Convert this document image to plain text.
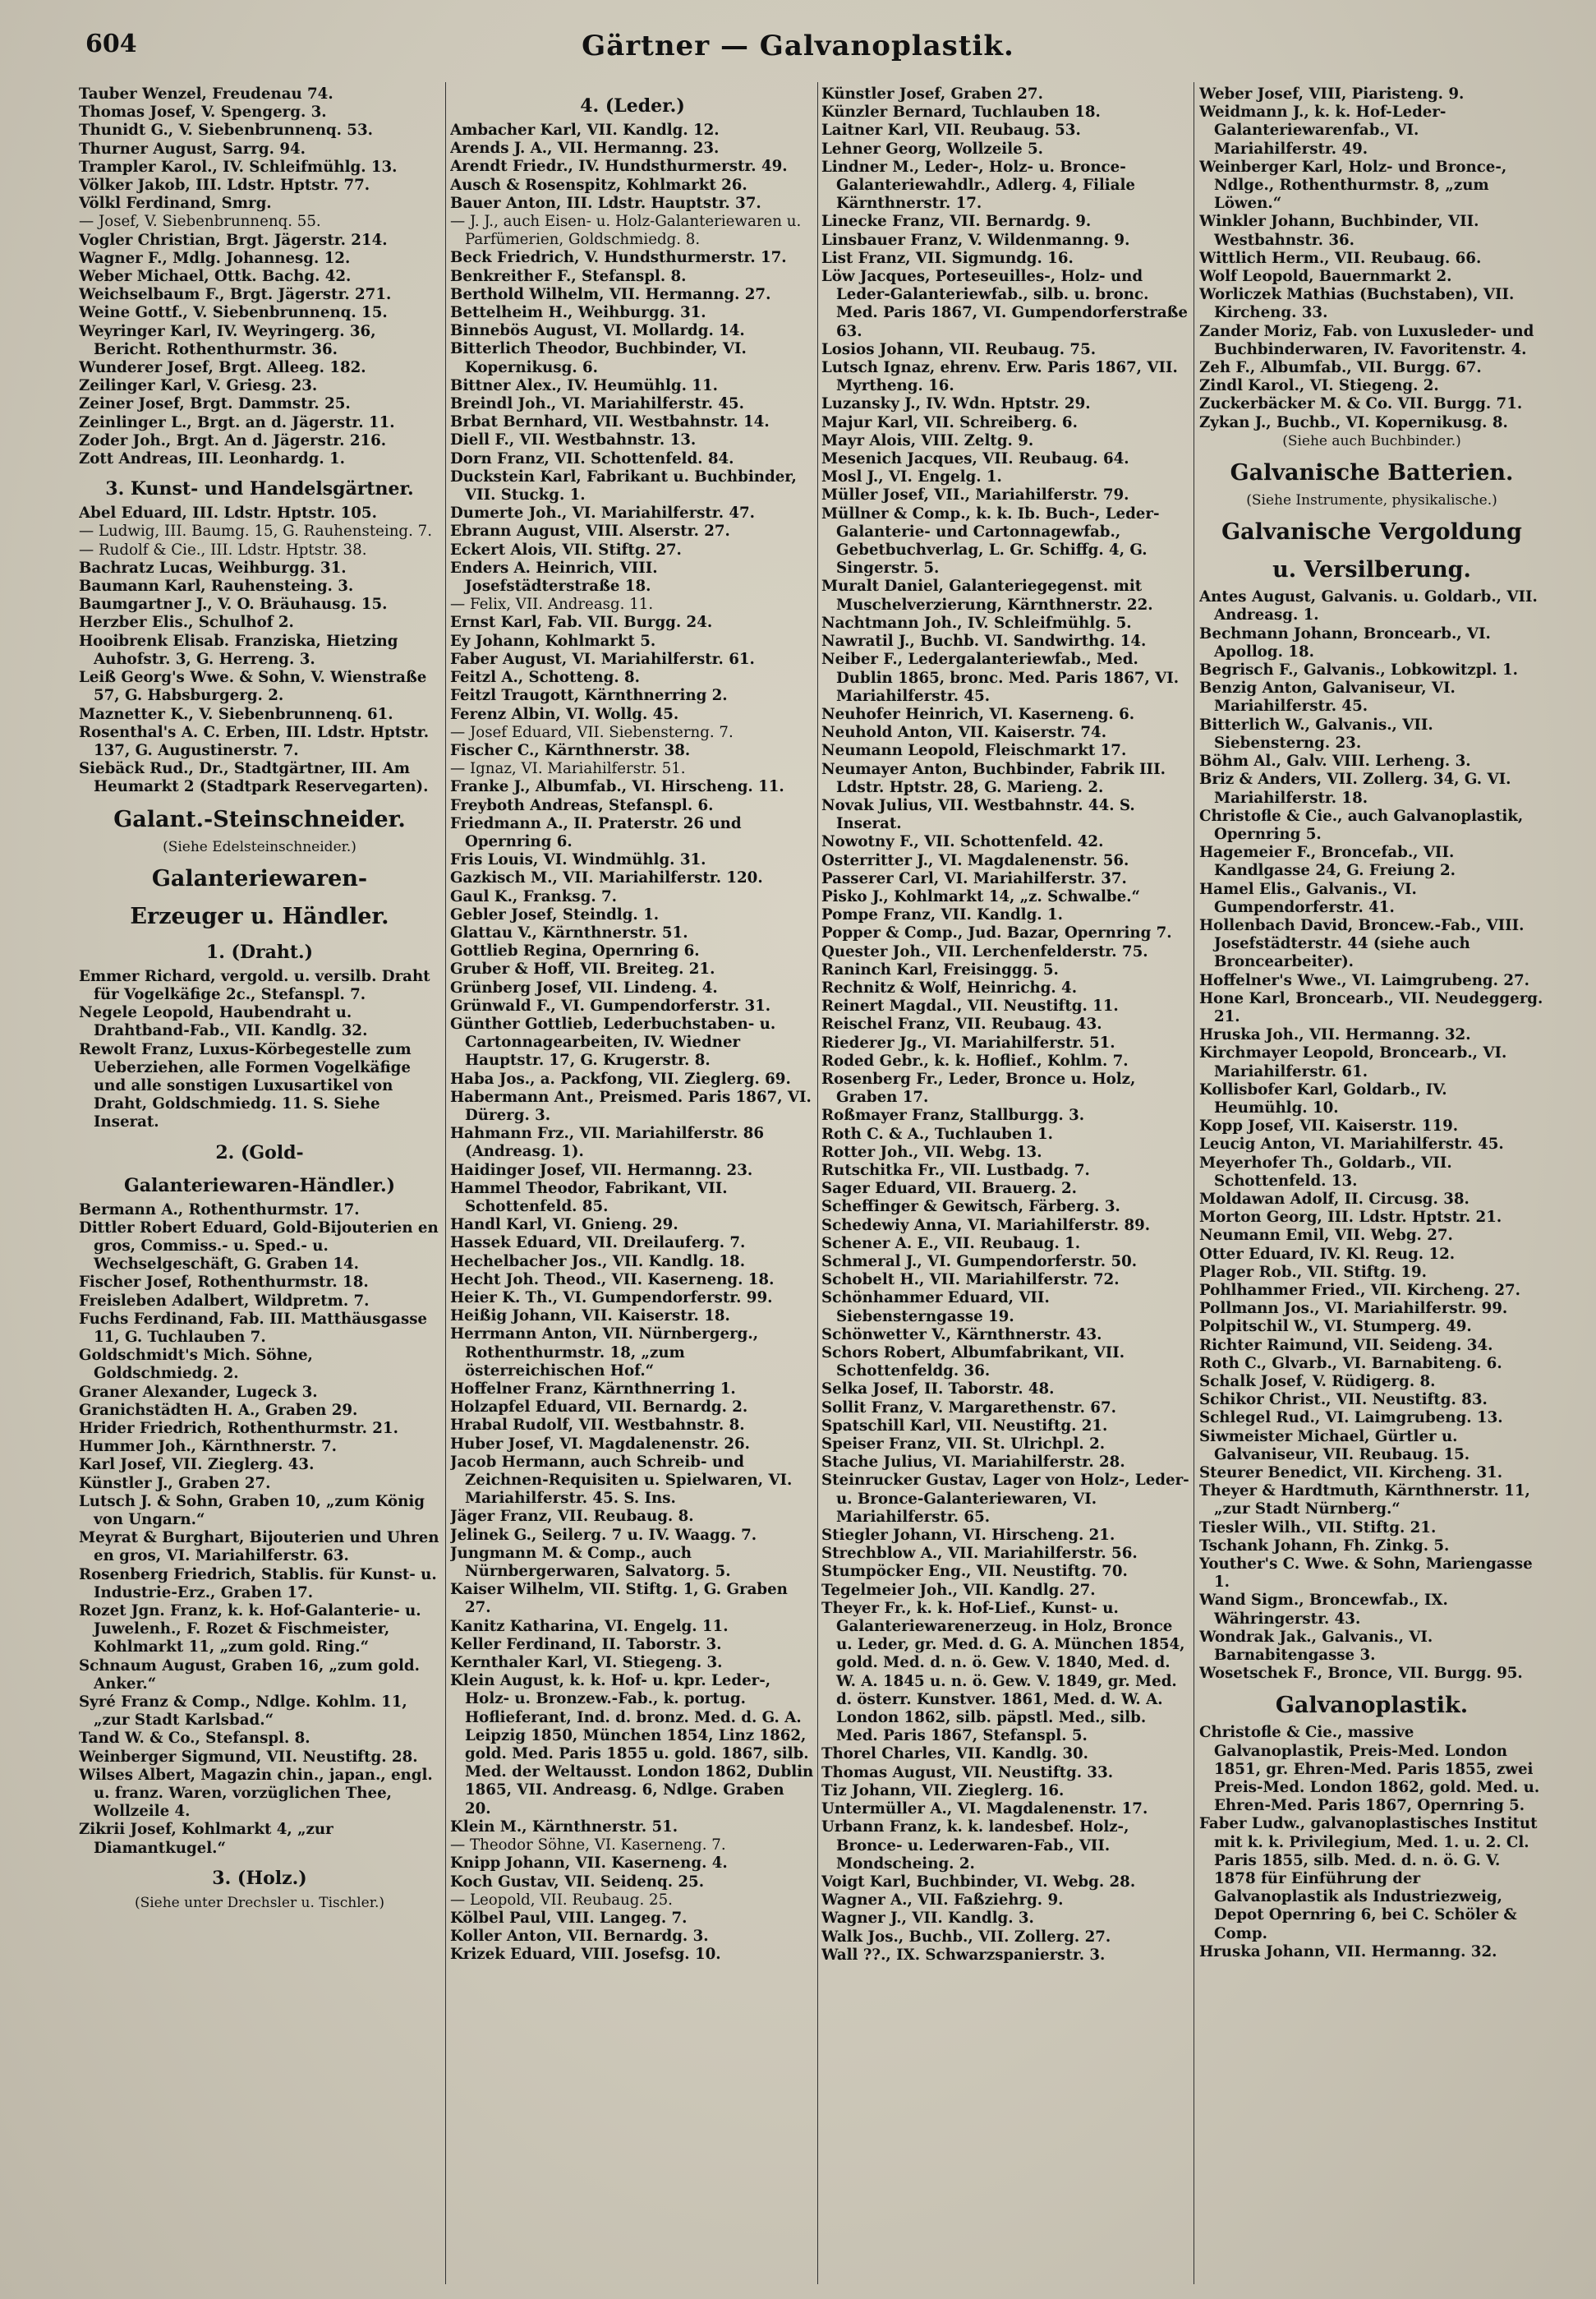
604	Gärtner — Galvanoplastik.

Tauber Wenzel, Freudenau 74.

Thomas Josef, V. Spengerg. 3.

Thunidt G., V. Siebenbrunnenq. 53.

Thurner August, Sarrg. 94.

Trampler Karol., IV. Schleifmühlg. 13.

Völker Jakob, III. Ldstr. Hptstr. 77.

Völkl Ferdinand, Smrg.

— Josef, V. Siebenbrunnenq. 55.

Vogler Christian, Brgt. Jägerstr. 214.

Wagner F., Mdlg. Johannesg. 12.

Weber Michael, Ottk. Bachg. 42.

Weichselbaum F., Brgt. Jägerstr. 271.

Weine Gottf., V. Siebenbrunnenq. 15.

Weyringer Karl, IV. Weyringerg. 36, Bericht. Rothenthurmstr. 36.

Wunderer Josef, Brgt. Alleeg. 182.

Zeilinger Karl, V. Griesg. 23.

Zeiner Josef, Brgt. Dammstr. 25.

Zeinlinger L., Brgt. an d. Jägerstr. 11.

Zoder Joh., Brgt. An d. Jägerstr. 216.

Zott Andreas, III. Leonhardg. 1.

3. Kunst- und Handelsgärtner.

Abel Eduard, III. Ldstr. Hptstr. 105.

— Ludwig, III. Baumg. 15, G. Rauhensteing. 7.

— Rudolf & Cie., III. Ldstr. Hptstr. 38.

Bachratz Lucas, Weihburgg. 31.

Baumann Karl, Rauhensteing. 3.

Baumgartner J., V. O. Bräuhausg. 15.

Herzber Elis., Schulhof 2.

Hooibrenk Elisab. Franziska, Hietzing Auhofstr. 3, G. Herreng. 3.

Leiß Georg's Wwe. & Sohn, V. Wienstraße 57, G. Habsburgerg. 2.

Maznetter K., V. Siebenbrunnenq. 61.

Rosenthal's A. C. Erben, III. Ldstr. Hptstr. 137, G. Augustinerstr. 7.

Siebäck Rud., Dr., Stadtgärtner, III. Am Heumarkt 2 (Stadtpark Reservegarten).

Galant.-Steinschneider.
(Siehe Edelsteinschneider.)
Galanteriewaren-
Erzeuger u. Händler.
1. (Draht.)

Emmer Richard, vergold. u. versilb. Draht für Vogelkäfige 2c., Stefanspl. 7.

Negele Leopold, Haubendraht u. Drahtband-Fab., VII. Kandlg. 32.

Rewolt Franz, Luxus-Körbegestelle zum Ueberziehen, alle Formen Vogelkäfige und alle sonstigen Luxusartikel von Draht, Goldschmiedg. 11. S. Siehe Inserat.

2. (Gold-
Galanteriewaren-Händler.)

Bermann A., Rothenthurmstr. 17.

Dittler Robert Eduard, Gold-Bijouterien en gros, Commiss.- u. Sped.- u. Wechselgeschäft, G. Graben 14.

Fischer Josef, Rothenthurmstr. 18.

Freisleben Adalbert, Wildpretm. 7.

Fuchs Ferdinand, Fab. III. Matthäusgasse 11, G. Tuchlauben 7.

Goldschmidt's Mich. Söhne, Goldschmiedg. 2.

Graner Alexander, Lugeck 3.

Granichstädten H. A., Graben 29.

Hrider Friedrich, Rothenthurmstr. 21.

Hummer Joh., Kärnthnerstr. 7.

Karl Josef, VII. Zieglerg. 43.

Künstler J., Graben 27.

Lutsch J. & Sohn, Graben 10, „zum König von Ungarn.“

Meyrat & Burghart, Bijouterien und Uhren en gros, VI. Mariahilferstr. 63.

Rosenberg Friedrich, Stablis. für Kunst- u. Industrie-Erz., Graben 17.

Rozet Jgn. Franz, k. k. Hof-Galanterie- u. Juwelenh., F. Rozet & Fischmeister, Kohlmarkt 11, „zum gold. Ring.“

Schnaum August, Graben 16, „zum gold. Anker.“

Syré Franz & Comp., Ndlge. Kohlm. 11, „zur Stadt Karlsbad.“

Tand W. & Co., Stefanspl. 8.

Weinberger Sigmund, VII. Neustiftg. 28.

Wilses Albert, Magazin chin., japan., engl. u. franz. Waren, vorzüglichen Thee, Wollzeile 4.

Zikrii Josef, Kohlmarkt 4, „zur Diamantkugel.“

3. (Holz.)
(Siehe unter Drechsler u. Tischler.)
4. (Leder.)

Ambacher Karl, VII. Kandlg. 12.

Arends J. A., VII. Hermanng. 23.

Arendt Friedr., IV. Hundsthurmerstr. 49.

Ausch & Rosenspitz, Kohlmarkt 26.

Bauer Anton, III. Ldstr. Hauptstr. 37.

— J. J., auch Eisen- u. Holz-Galanteriewaren u. Parfümerien, Goldschmiedg. 8.

Beck Friedrich, V. Hundsthurmerstr. 17.

Benkreither F., Stefanspl. 8.

Berthold Wilhelm, VII. Hermanng. 27.

Bettelheim H., Weihburgg. 31.

Binnebös August, VI. Mollardg. 14.

Bitterlich Theodor, Buchbinder, VI. Kopernikusg. 6.

Bittner Alex., IV. Heumühlg. 11.

Breindl Joh., VI. Mariahilferstr. 45.

Brbat Bernhard, VII. Westbahnstr. 14.

Diell F., VII. Westbahnstr. 13.

Dorn Franz, VII. Schottenfeld. 84.

Duckstein Karl, Fabrikant u. Buchbinder, VII. Stuckg. 1.

Dumerte Joh., VI. Mariahilferstr. 47.

Ebrann August, VIII. Alserstr. 27.

Eckert Alois, VII. Stiftg. 27.

Enders A. Heinrich, VIII. Josefstädterstraße 18.

— Felix, VII. Andreasg. 11.

Ernst Karl, Fab. VII. Burgg. 24.

Ey Johann, Kohlmarkt 5.

Faber August, VI. Mariahilferstr. 61.

Feitzl A., Schotteng. 8.

Feitzl Traugott, Kärnthnerring 2.

Ferenz Albin, VI. Wollg. 45.

— Josef Eduard, VII. Siebensterng. 7.

Fischer C., Kärnthnerstr. 38.

— Ignaz, VI. Mariahilferstr. 51.

Franke J., Albumfab., VI. Hirscheng. 11.

Freyboth Andreas, Stefanspl. 6.

Friedmann A., II. Praterstr. 26 und Opernring 6.

Fris Louis, VI. Windmühlg. 31.

Gazkisch M., VII. Mariahilferstr. 120.

Gaul K., Franksg. 7.

Gebler Josef, Steindlg. 1.

Glattau V., Kärnthnerstr. 51.

Gottlieb Regina, Opernring 6.

Gruber & Hoff, VII. Breiteg. 21.

Grünberg Josef, VII. Lindeng. 4.

Grünwald F., VI. Gumpendorferstr. 31.

Günther Gottlieb, Lederbuchstaben- u. Cartonnagearbeiten, IV. Wiedner Hauptstr. 17, G. Krugerstr. 8.

Haba Jos., a. Packfong, VII. Zieglerg. 69.

Habermann Ant., Preismed. Paris 1867, VI. Dürerg. 3.

Hahmann Frz., VII. Mariahilferstr. 86 (Andreasg. 1).

Haidinger Josef, VII. Hermanng. 23.

Hammel Theodor, Fabrikant, VII. Schottenfeld. 85.

Handl Karl, VI. Gnieng. 29.

Hassek Eduard, VII. Dreilauferg. 7.

Hechelbacher Jos., VII. Kandlg. 18.

Hecht Joh. Theod., VII. Kaserneng. 18.

Heier K. Th., VI. Gumpendorferstr. 99.

Heißig Johann, VII. Kaiserstr. 18.

Herrmann Anton, VII. Nürnbergerg., Rothenthurmstr. 18, „zum österreichischen Hof.“

Hoffelner Franz, Kärnthnerring 1.

Holzapfel Eduard, VII. Bernardg. 2.

Hrabal Rudolf, VII. Westbahnstr. 8.

Huber Josef, VI. Magdalenenstr. 26.

Jacob Hermann, auch Schreib- und Zeichnen-Requisiten u. Spielwaren, VI. Mariahilferstr. 45. S. Ins.

Jäger Franz, VII. Reubaug. 8.

Jelinek G., Seilerg. 7 u. IV. Waagg. 7.

Jungmann M. & Comp., auch Nürnbergerwaren, Salvatorg. 5.

Kaiser Wilhelm, VII. Stiftg. 1, G. Graben 27.

Kanitz Katharina, VI. Engelg. 11.

Keller Ferdinand, II. Taborstr. 3.

Kernthaler Karl, VI. Stiegeng. 3.

Klein August, k. k. Hof- u. kpr. Leder-, Holz- u. Bronzew.-Fab., k. portug. Hoflieferant, Ind. d. bronz. Med. d. G. A. Leipzig 1850, München 1854, Linz 1862, gold. Med. Paris 1855 u. gold. 1867, silb. Med. der Weltausst. London 1862, Dublin 1865, VII. Andreasg. 6, Ndlge. Graben 20.

Klein M., Kärnthnerstr. 51.

— Theodor Söhne, VI. Kaserneng. 7.

Knipp Johann, VII. Kaserneng. 4.

Koch Gustav, VII. Seidenq. 25.

— Leopold, VII. Reubaug. 25.

Kölbel Paul, VIII. Langeg. 7.

Koller Anton, VII. Bernardg. 3.

Krizek Eduard, VIII. Josefsg. 10.

Künstler Josef, Graben 27.

Künzler Bernard, Tuchlauben 18.

Laitner Karl, VII. Reubaug. 53.

Lehner Georg, Wollzeile 5.

Lindner M., Leder-, Holz- u. Bronce-Galanteriewahdlr., Adlerg. 4, Filiale Kärnthnerstr. 17.

Linecke Franz, VII. Bernardg. 9.

Linsbauer Franz, V. Wildenmanng. 9.

List Franz, VII. Sigmundg. 16.

Löw Jacques, Porteseuilles-, Holz- und Leder-Galanteriewfab., silb. u. bronc. Med. Paris 1867, VI. Gumpendorferstraße 63.

Losios Johann, VII. Reubaug. 75.

Lutsch Ignaz, ehrenv. Erw. Paris 1867, VII. Myrtheng. 16.

Luzansky J., IV. Wdn. Hptstr. 29.

Majur Karl, VII. Schreiberg. 6.

Mayr Alois, VIII. Zeltg. 9.

Mesenich Jacques, VII. Reubaug. 64.

Mosl J., VI. Engelg. 1.

Müller Josef, VII., Mariahilferstr. 79.

Müllner & Comp., k. k. Ib. Buch-, Leder-Galanterie- und Cartonnagewfab., Gebetbuchverlag, L. Gr. Schiffg. 4, G. Singerstr. 5.

Muralt Daniel, Galanteriegegenst. mit Muschelverzierung, Kärnthnerstr. 22.

Nachtmann Joh., IV. Schleifmühlg. 5.

Nawratil J., Buchb. VI. Sandwirthg. 14.

Neiber F., Ledergalanteriewfab., Med. Dublin 1865, bronc. Med. Paris 1867, VI. Mariahilferstr. 45.

Neuhofer Heinrich, VI. Kaserneng. 6.

Neuhold Anton, VII. Kaiserstr. 74.

Neumann Leopold, Fleischmarkt 17.

Neumayer Anton, Buchbinder, Fabrik III. Ldstr. Hptstr. 28, G. Marieng. 2.

Novak Julius, VII. Westbahnstr. 44. S. Inserat.

Nowotny F., VII. Schottenfeld. 42.

Osterritter J., VI. Magdalenenstr. 56.

Passerer Carl, VI. Mariahilferstr. 37.

Pisko J., Kohlmarkt 14, „z. Schwalbe.“

Pompe Franz, VII. Kandlg. 1.

Popper & Comp., Jud. Bazar, Opernring 7.

Quester Joh., VII. Lerchenfelderstr. 75.

Raninch Karl, Freisinggg. 5.

Rechnitz & Wolf, Heinrichg. 4.

Reinert Magdal., VII. Neustiftg. 11.

Reischel Franz, VII. Reubaug. 43.

Riederer Jg., VI. Mariahilferstr. 51.

Roded Gebr., k. k. Hoflief., Kohlm. 7.

Rosenberg Fr., Leder, Bronce u. Holz, Graben 17.

Roßmayer Franz, Stallburgg. 3.

Roth C. & A., Tuchlauben 1.

Rotter Joh., VII. Webg. 13.

Rutschitka Fr., VII. Lustbadg. 7.

Sager Eduard, VII. Brauerg. 2.

Scheffinger & Gewitsch, Färberg. 3.

Schedewiy Anna, VI. Mariahilferstr. 89.

Schener A. E., VII. Reubaug. 1.

Schmeral J., VI. Gumpendorferstr. 50.

Schobelt H., VII. Mariahilferstr. 72.

Schönhammer Eduard, VII. Siebensterngasse 19.

Schönwetter V., Kärnthnerstr. 43.

Schors Robert, Albumfabrikant, VII. Schottenfeldg. 36.

Selka Josef, II. Taborstr. 48.

Sollit Franz, V. Margarethenstr. 67.

Spatschill Karl, VII. Neustiftg. 21.

Speiser Franz, VII. St. Ulrichpl. 2.

Stache Julius, VI. Mariahilferstr. 28.

Steinrucker Gustav, Lager von Holz-, Leder- u. Bronce-Galanteriewaren, VI. Mariahilferstr. 65.

Stiegler Johann, VI. Hirscheng. 21.

Strechblow A., VII. Mariahilferstr. 56.

Stumpöcker Eng., VII. Neustiftg. 70.

Tegelmeier Joh., VII. Kandlg. 27.

Theyer Fr., k. k. Hof-Lief., Kunst- u. Galanteriewarenerzeug. in Holz, Bronce u. Leder, gr. Med. d. G. A. München 1854, gold. Med. d. n. ö. Gew. V. 1840, Med. d. W. A. 1845 u. n. ö. Gew. V. 1849, gr. Med. d. österr. Kunstver. 1861, Med. d. W. A. London 1862, silb. päpstl. Med., silb. Med. Paris 1867, Stefanspl. 5.

Thorel Charles, VII. Kandlg. 30.

Thomas August, VII. Neustiftg. 33.

Tiz Johann, VII. Zieglerg. 16.

Untermüller A., VI. Magdalenenstr. 17.

Urbann Franz, k. k. landesbef. Holz-, Bronce- u. Lederwaren-Fab., VII. Mondscheing. 2.

Voigt Karl, Buchbinder, VI. Webg. 28.

Wagner A., VII. Faßziehrg. 9.

Wagner J., VII. Kandlg. 3.

Walk Jos., Buchb., VII. Zollerg. 27.

Wall ??., IX. Schwarzspanierstr. 3.

Weber Josef, VIII, Piaristeng. 9.

Weidmann J., k. k. Hof-Leder-Galanteriewarenfab., VI. Mariahilferstr. 49.

Weinberger Karl, Holz- und Bronce-, Ndlge., Rothenthurmstr. 8, „zum Löwen.“

Winkler Johann, Buchbinder, VII. Westbahnstr. 36.

Wittlich Herm., VII. Reubaug. 66.

Wolf Leopold, Bauernmarkt 2.

Worliczek Mathias (Buchstaben), VII. Kircheng. 33.

Zander Moriz, Fab. von Luxusleder- und Buchbinderwaren, IV. Favoritenstr. 4.

Zeh F., Albumfab., VII. Burgg. 67.

Zindl Karol., VI. Stiegeng. 2.

Zuckerbäcker M. & Co. VII. Burgg. 71.

Zykan J., Buchb., VI. Kopernikusg. 8.

(Siehe auch Buchbinder.)
Galvanische Batterien.
(Siehe Instrumente, physikalische.)
Galvanische Vergoldung
u. Versilberung.

Antes August, Galvanis. u. Goldarb., VII. Andreasg. 1.

Bechmann Johann, Broncearb., VI. Apollog. 18.

Begrisch F., Galvanis., Lobkowitzpl. 1.

Benzig Anton, Galvaniseur, VI. Mariahilferstr. 45.

Bitterlich W., Galvanis., VII. Siebensterng. 23.

Böhm Al., Galv. VIII. Lerheng. 3.

Briz & Anders, VII. Zollerg. 34, G. VI. Mariahilferstr. 18.

Christofle & Cie., auch Galvanoplastik, Opernring 5.

Hagemeier F., Broncefab., VII. Kandlgasse 24, G. Freiung 2.

Hamel Elis., Galvanis., VI. Gumpendorferstr. 41.

Hollenbach David, Broncew.-Fab., VIII. Josefstädterstr. 44 (siehe auch Broncearbeiter).

Hoffelner's Wwe., VI. Laimgrubeng. 27.

Hone Karl, Broncearb., VII. Neudeggerg. 21.

Hruska Joh., VII. Hermanng. 32.

Kirchmayer Leopold, Broncearb., VI. Mariahilferstr. 61.

Kollisbofer Karl, Goldarb., IV. Heumühlg. 10.

Kopp Josef, VII. Kaiserstr. 119.

Leucig Anton, VI. Mariahilferstr. 45.

Meyerhofer Th., Goldarb., VII. Schottenfeld. 13.

Moldawan Adolf, II. Circusg. 38.

Morton Georg, III. Ldstr. Hptstr. 21.

Neumann Emil, VII. Webg. 27.

Otter Eduard, IV. Kl. Reug. 12.

Plager Rob., VII. Stiftg. 19.

Pohlhammer Fried., VII. Kircheng. 27.

Pollmann Jos., VI. Mariahilferstr. 99.

Polpitschil W., VI. Stumperg. 49.

Richter Raimund, VII. Seideng. 34.

Roth C., Glvarb., VI. Barnabiteng. 6.

Schalk Josef, V. Rüdigerg. 8.

Schikor Christ., VII. Neustiftg. 83.

Schlegel Rud., VI. Laimgrubeng. 13.

Siwmeister Michael, Gürtler u. Galvaniseur, VII. Reubaug. 15.

Steurer Benedict, VII. Kircheng. 31.

Theyer & Hardtmuth, Kärnthnerstr. 11, „zur Stadt Nürnberg.“

Tiesler Wilh., VII. Stiftg. 21.

Tschank Johann, Fh. Zinkg. 5.

Youther's C. Wwe. & Sohn, Mariengasse 1.

Wand Sigm., Broncewfab., IX. Währingerstr. 43.

Wondrak Jak., Galvanis., VI. Barnabitengasse 3.

Wosetschek F., Bronce, VII. Burgg. 95.

Galvanoplastik.

Christofle & Cie., massive Galvanoplastik, Preis-Med. London 1851, gr. Ehren-Med. Paris 1855, zwei Preis-Med. London 1862, gold. Med. u. Ehren-Med. Paris 1867, Opernring 5.

Faber Ludw., galvanoplastisches Institut mit k. k. Privilegium, Med. 1. u. 2. Cl. Paris 1855, silb. Med. d. n. ö. G. V. 1878 für Einführung der Galvanoplastik als Industriezweig, Depot Opernring 6, bei C. Schöler & Comp.

Hruska Johann, VII. Hermanng. 32.
